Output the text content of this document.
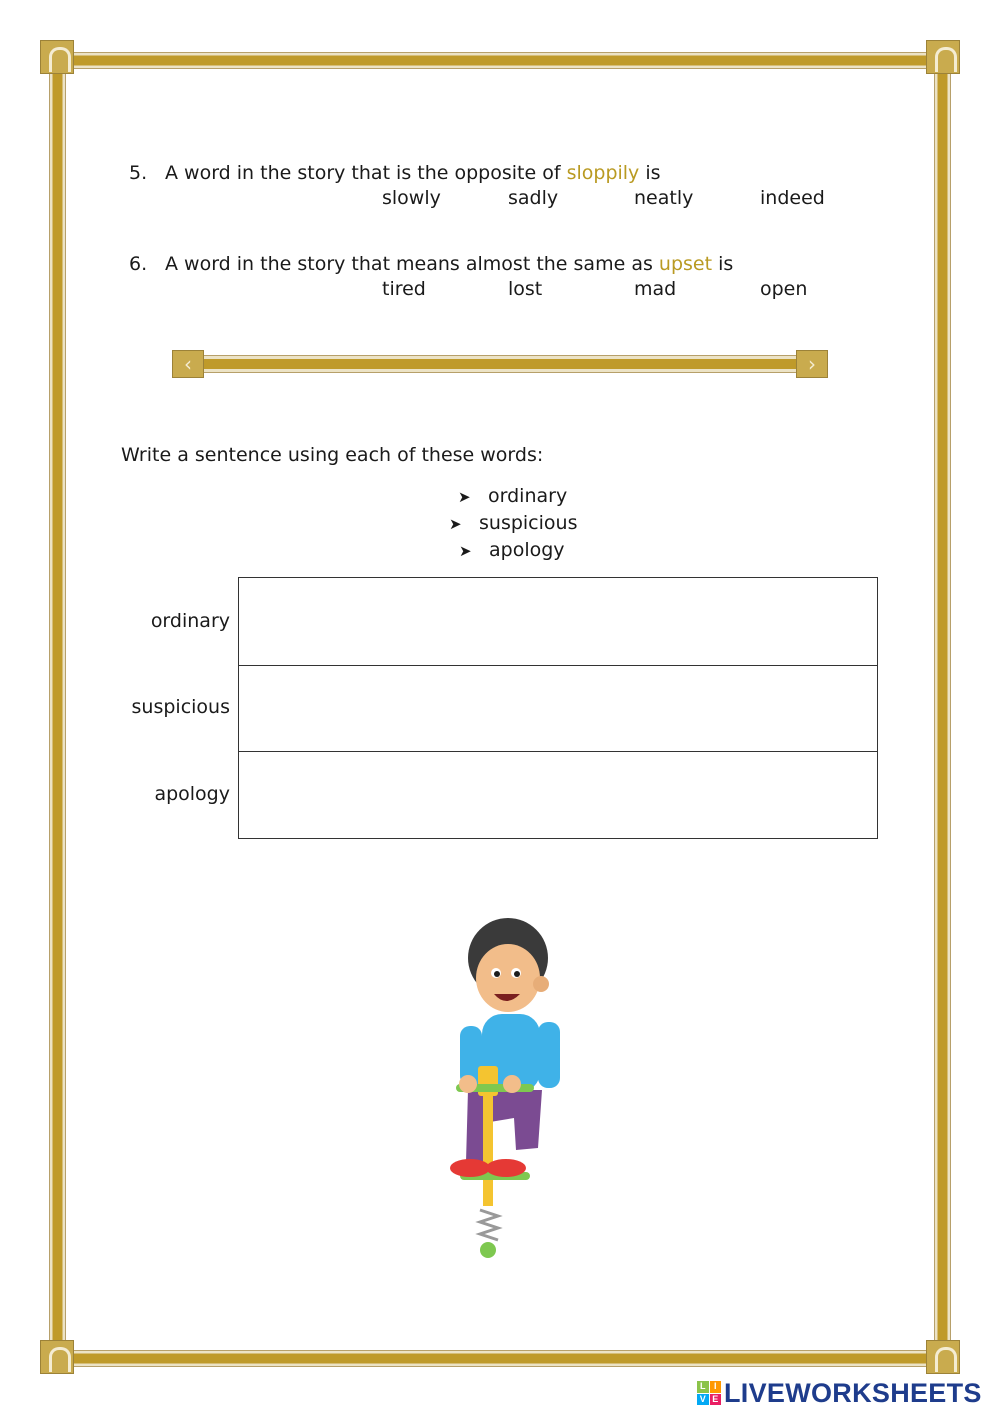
5. A word in the story that is the opposite of sloppily is
slowly	sadly	neatly	indeed
6. A word in the story that means almost the same as upset is
tired	lost	mad	open
‹	›
Write a sentence using each of these words:
➤ ordinary
➤ suspicious
➤ apology
ordinary
suspicious
apology
L I
V E LIVEWORKSHEETS
